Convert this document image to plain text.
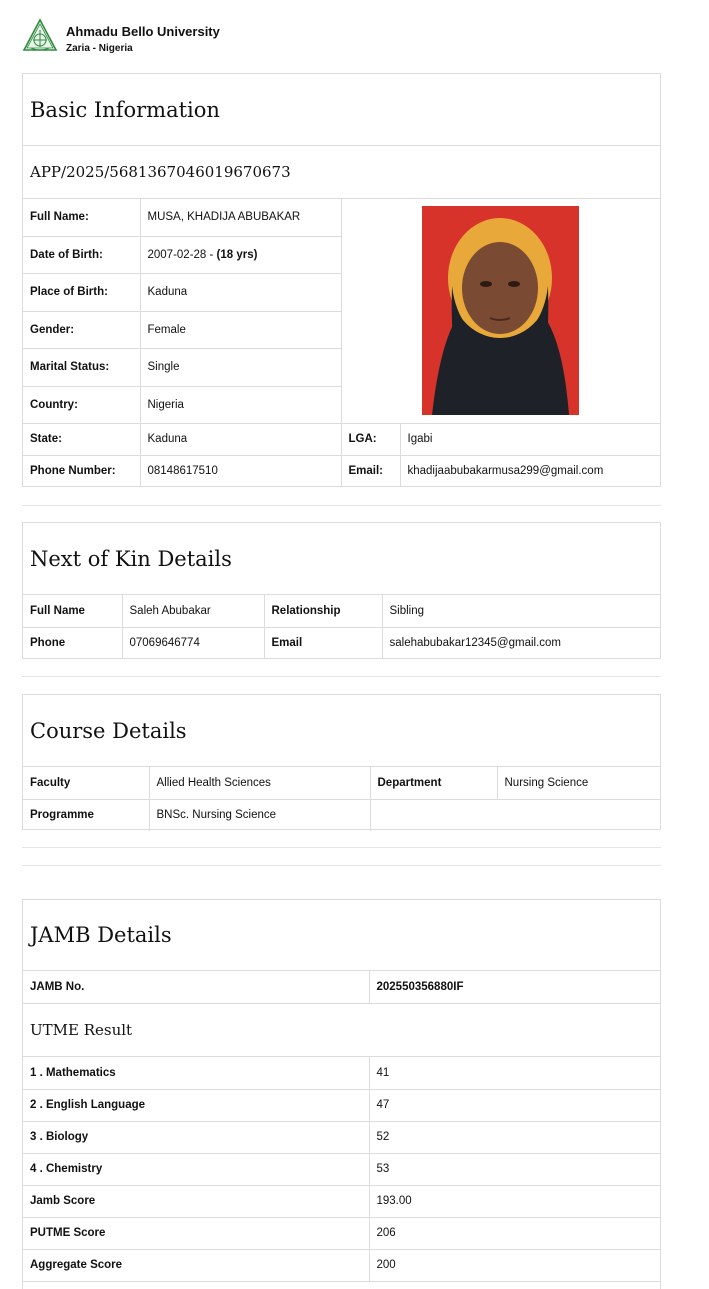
Ahmadu Bello University
Zaria - Nigeria
Basic Information
APP/2025/5681367046019670673
Full Name:	MUSA, KHADIJA ABUBAKAR	

Date of Birth:	2007-02-28 - (18 yrs)		
Place of Birth:	Kaduna		
Gender:	Female		
Marital Status:	Single		
Country:	Nigeria		
State:	Kaduna	LGA:	Igabi
Phone Number:	08148617510	Email:	khadijaabubakarmusa299@gmail.com
Next of Kin Details
Full Name	Saleh Abubakar	Relationship	Sibling
Phone	07069646774	Email	salehabubakar12345@gmail.com
Course Details
Faculty	Allied Health Sciences	Department	Nursing Science
Programme	BNSc. Nursing Science		
JAMB Details
JAMB No.	202550356880IF
UTME Result
1 . Mathematics	41
2 . English Language	47
3 . Biology	52
4 . Chemistry	53
Jamb Score	193.00
PUTME Score	206
Aggregate Score	200
